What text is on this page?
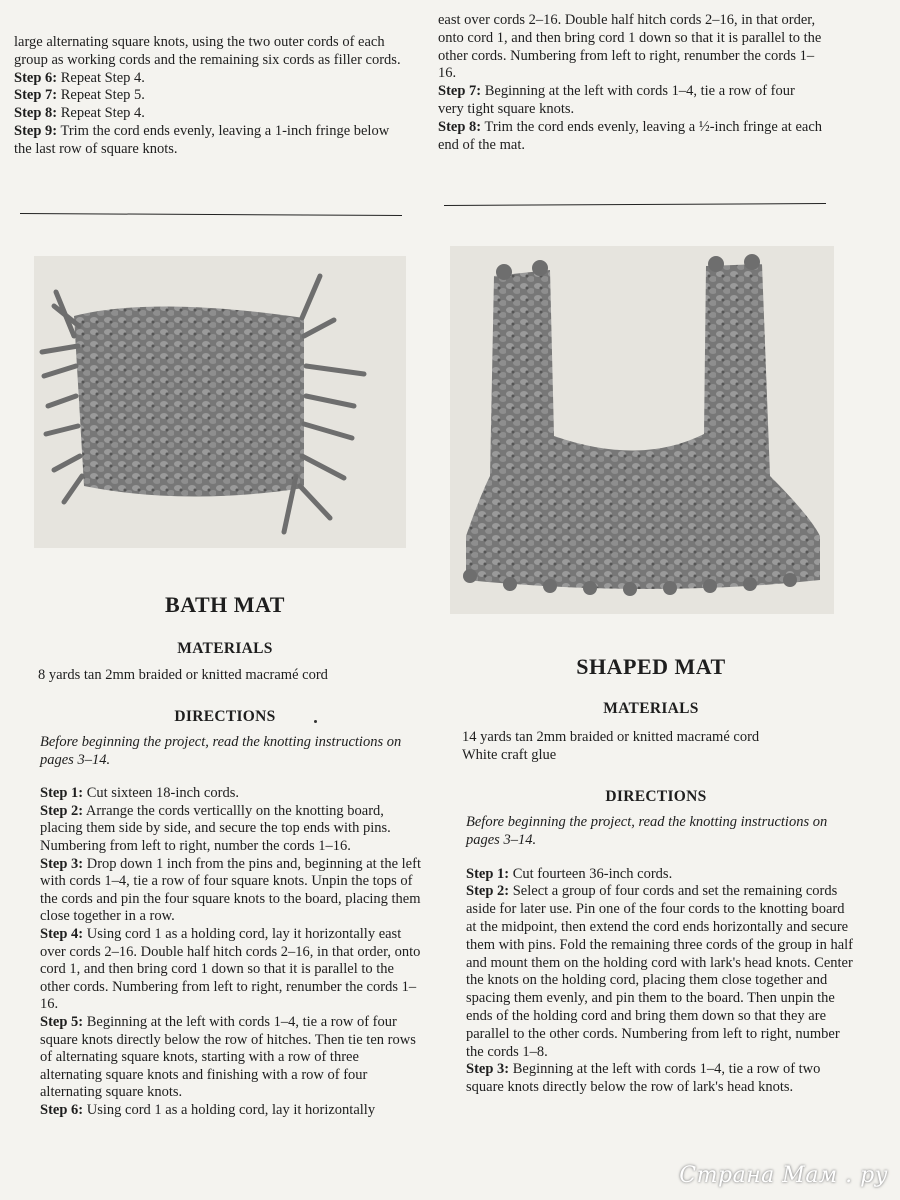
large alternating square knots, using the two outer cords of each group as working cords and the remaining six cords as filler cords.

Step 6: Repeat Step 4.

Step 7: Repeat Step 5.

Step 8: Repeat Step 4.

Step 9: Trim the cord ends evenly, leaving a 1-inch fringe below the last row of square knots.

east over cords 2–16. Double half hitch cords 2–16, in that order, onto cord 1, and then bring cord 1 down so that it is parallel to the other cords. Numbering from left to right, renumber the cords 1–16.

Step 7: Beginning at the left with cords 1–4, tie a row of four very tight square knots.

Step 8: Trim the cord ends evenly, leaving a ½-inch fringe at each end of the mat.

BATH MAT
MATERIALS
8 yards tan 2mm braided or knitted macramé cord
DIRECTIONS

Before beginning the project, read the knotting instructions on pages 3–14.

Step 1: Cut sixteen 18-inch cords.

Step 2: Arrange the cords verticallly on the knotting board, placing them side by side, and secure the top ends with pins. Numbering from left to right, number the cords 1–16.

Step 3: Drop down 1 inch from the pins and, beginning at the left with cords 1–4, tie a row of four square knots. Unpin the tops of the cords and pin the four square knots to the board, placing them close together in a row.

Step 4: Using cord 1 as a holding cord, lay it horizontally east over cords 2–16. Double half hitch cords 2–16, in that order, onto cord 1, and then bring cord 1 down so that it is parallel to the other cords. Numbering from left to right, renumber the cords 1–16.

Step 5: Beginning at the left with cords 1–4, tie a row of four square knots directly below the row of hitches. Then tie ten rows of alternating square knots, starting with a row of three alternating square knots and finishing with a row of four alternating square knots.

Step 6: Using cord 1 as a holding cord, lay it horizontally

SHAPED MAT
MATERIALS
14 yards tan 2mm braided or knitted macramé cord
White craft glue
DIRECTIONS

Before beginning the project, read the knotting instructions on pages 3–14.

Step 1: Cut fourteen 36-inch cords.

Step 2: Select a group of four cords and set the remaining cords aside for later use. Pin one of the four cords to the knotting board at the midpoint, then extend the cord ends horizontally and secure them with pins. Fold the remaining three cords of the group in half and mount them on the holding cord with lark's head knots. Center the knots on the holding cord, placing them close together and spacing them evenly, and pin them to the board. Then unpin the ends of the holding cord and bring them down so that they are parallel to the other cords. Numbering from left to right, number the cords 1–8.

Step 3: Beginning at the left with cords 1–4, tie a row of two square knots directly below the row of lark's head knots.

Страна Мам . ру
